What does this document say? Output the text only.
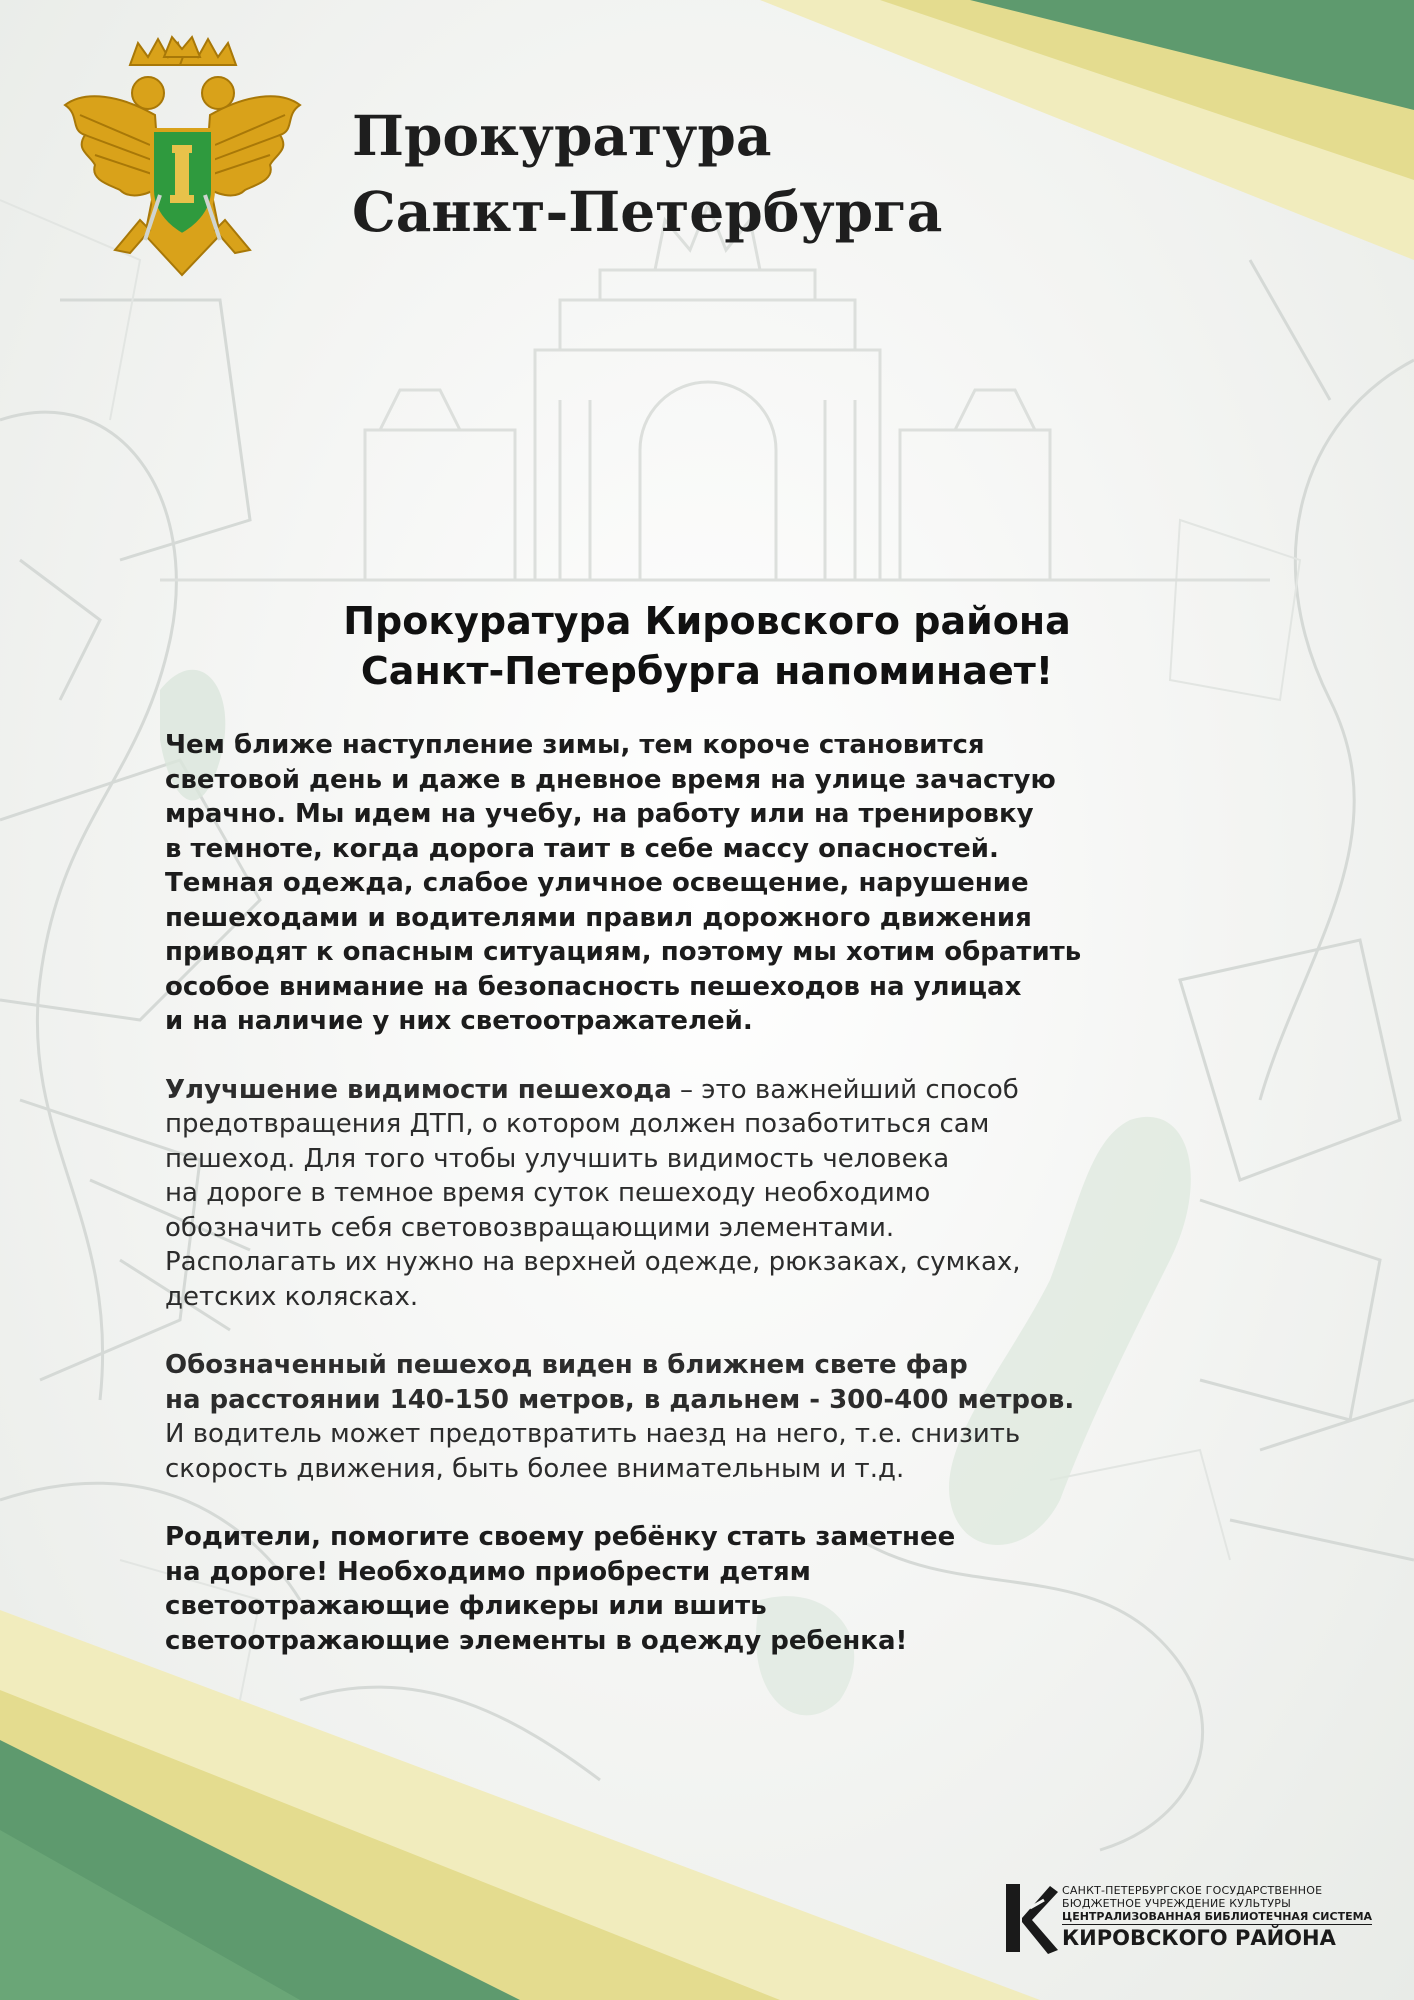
Прокуратура
Санкт-Петербурга
Прокуратура Кировского района
Санкт-Петербурга напоминает!

Чем ближе наступление зимы, тем короче становится
световой день и даже в дневное время на улице зачастую
мрачно. Мы идем на учебу, на работу или на тренировку
в темноте, когда дорога таит в себе массу опасностей.
Темная одежда, слабое уличное освещение, нарушение
пешеходами и водителями правил дорожного движения
приводят к опасным ситуациям, поэтому мы хотим обратить
особое внимание на безопасность пешеходов на улицах
и на наличие у них светоотражателей.

Улучшение видимости пешехода – это важнейший способ
предотвращения ДТП, о котором должен позаботиться сам
пешеход. Для того чтобы улучшить видимость человека
на дороге в темное время суток пешеходу необходимо
обозначить себя световозвращающими элементами.
Располагать их нужно на верхней одежде, рюкзаках, сумках,
детских колясках.

Обозначенный пешеход виден в ближнем свете фар
на расстоянии 140-150 метров, в дальнем - 300-400 метров.
И водитель может предотвратить наезд на него, т.е. снизить
скорость движения, быть более внимательным и т.д.

Родители, помогите своему ребёнку стать заметнее
на дороге! Необходимо приобрести детям
светоотражающие фликеры или вшить
светоотражающие элементы в одежду ребенка!

САНКТ-ПЕТЕРБУРГСКОЕ ГОСУДАРСТВЕННОЕ
БЮДЖЕТНОЕ УЧРЕЖДЕНИЕ КУЛЬТУРЫ
ЦЕНТРАЛИЗОВАННАЯ БИБЛИОТЕЧНАЯ СИСТЕМА
КИРОВСКОГО РАЙОНА
